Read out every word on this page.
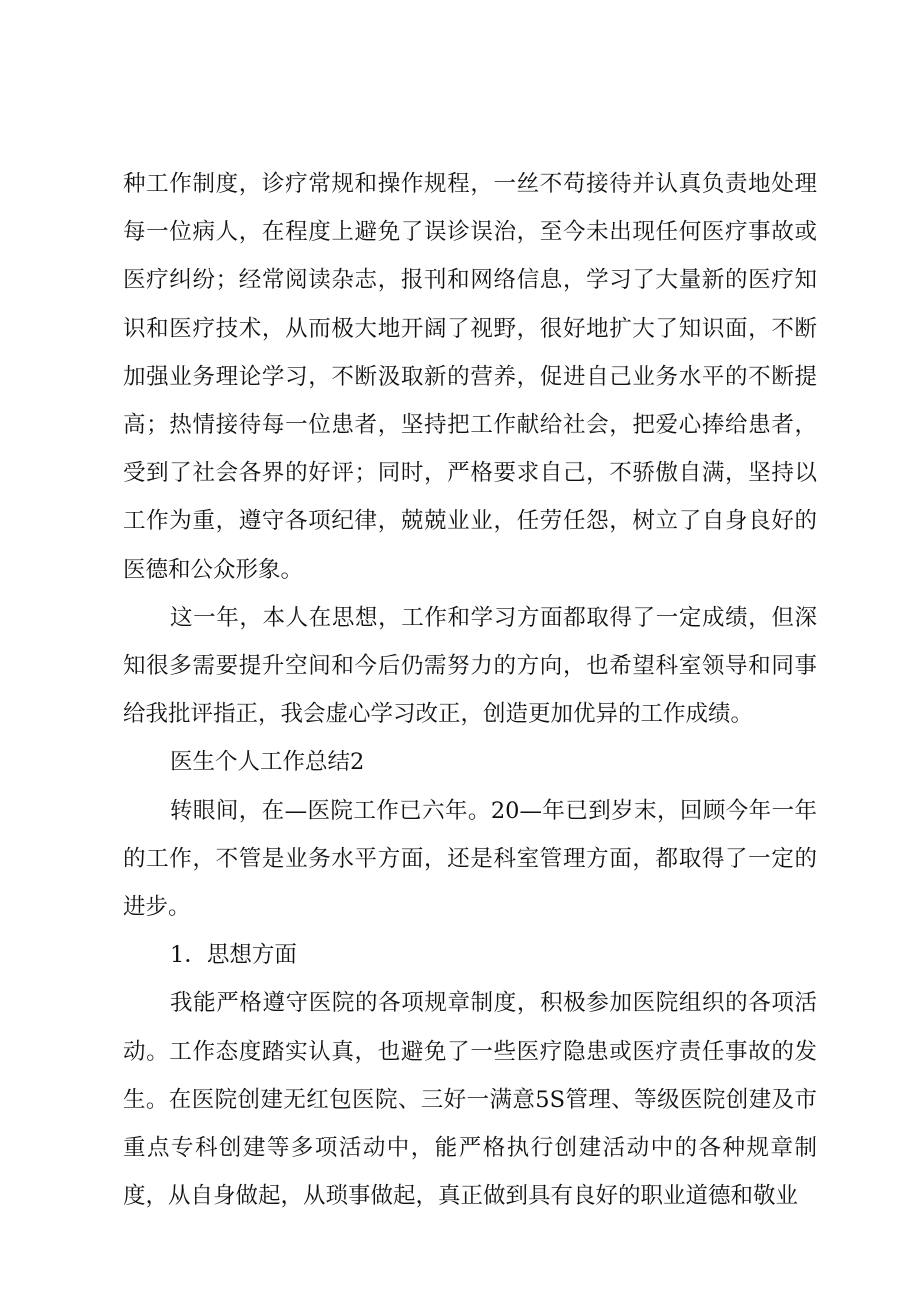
种工作制度，诊疗常规和操作规程，一丝不苟接待并认真负责地处理每一位病人，在程度上避免了误诊误治，至今未出现任何医疗事故或医疗纠纷；经常阅读杂志，报刊和网络信息，学习了大量新的医疗知识和医疗技术，从而极大地开阔了视野，很好地扩大了知识面，不断加强业务理论学习，不断汲取新的营养，促进自己业务水平的不断提高；热情接待每一位患者，坚持把工作献给社会，把爱心捧给患者，受到了社会各界的好评；同时，严格要求自己，不骄傲自满，坚持以工作为重，遵守各项纪律，兢兢业业，任劳任怨，树立了自身良好的医德和公众形象。

这一年，本人在思想，工作和学习方面都取得了一定成绩，但深知很多需要提升空间和今后仍需努力的方向，也希望科室领导和同事给我批评指正，我会虚心学习改正，创造更加优异的工作成绩。

医生个人工作总结2

转眼间，在—医院工作已六年。20—年已到岁末，回顾今年一年的工作，不管是业务水平方面，还是科室管理方面，都取得了一定的进步。

1．思想方面

我能严格遵守医院的各项规章制度，积极参加医院组织的各项活动。工作态度踏实认真，也避免了一些医疗隐患或医疗责任事故的发生。在医院创建无红包医院、三好一满意5S管理、等级医院创建及市重点专科创建等多项活动中，能严格执行创建活动中的各种规章制度，从自身做起，从琐事做起，真正做到具有良好的职业道德和敬业
